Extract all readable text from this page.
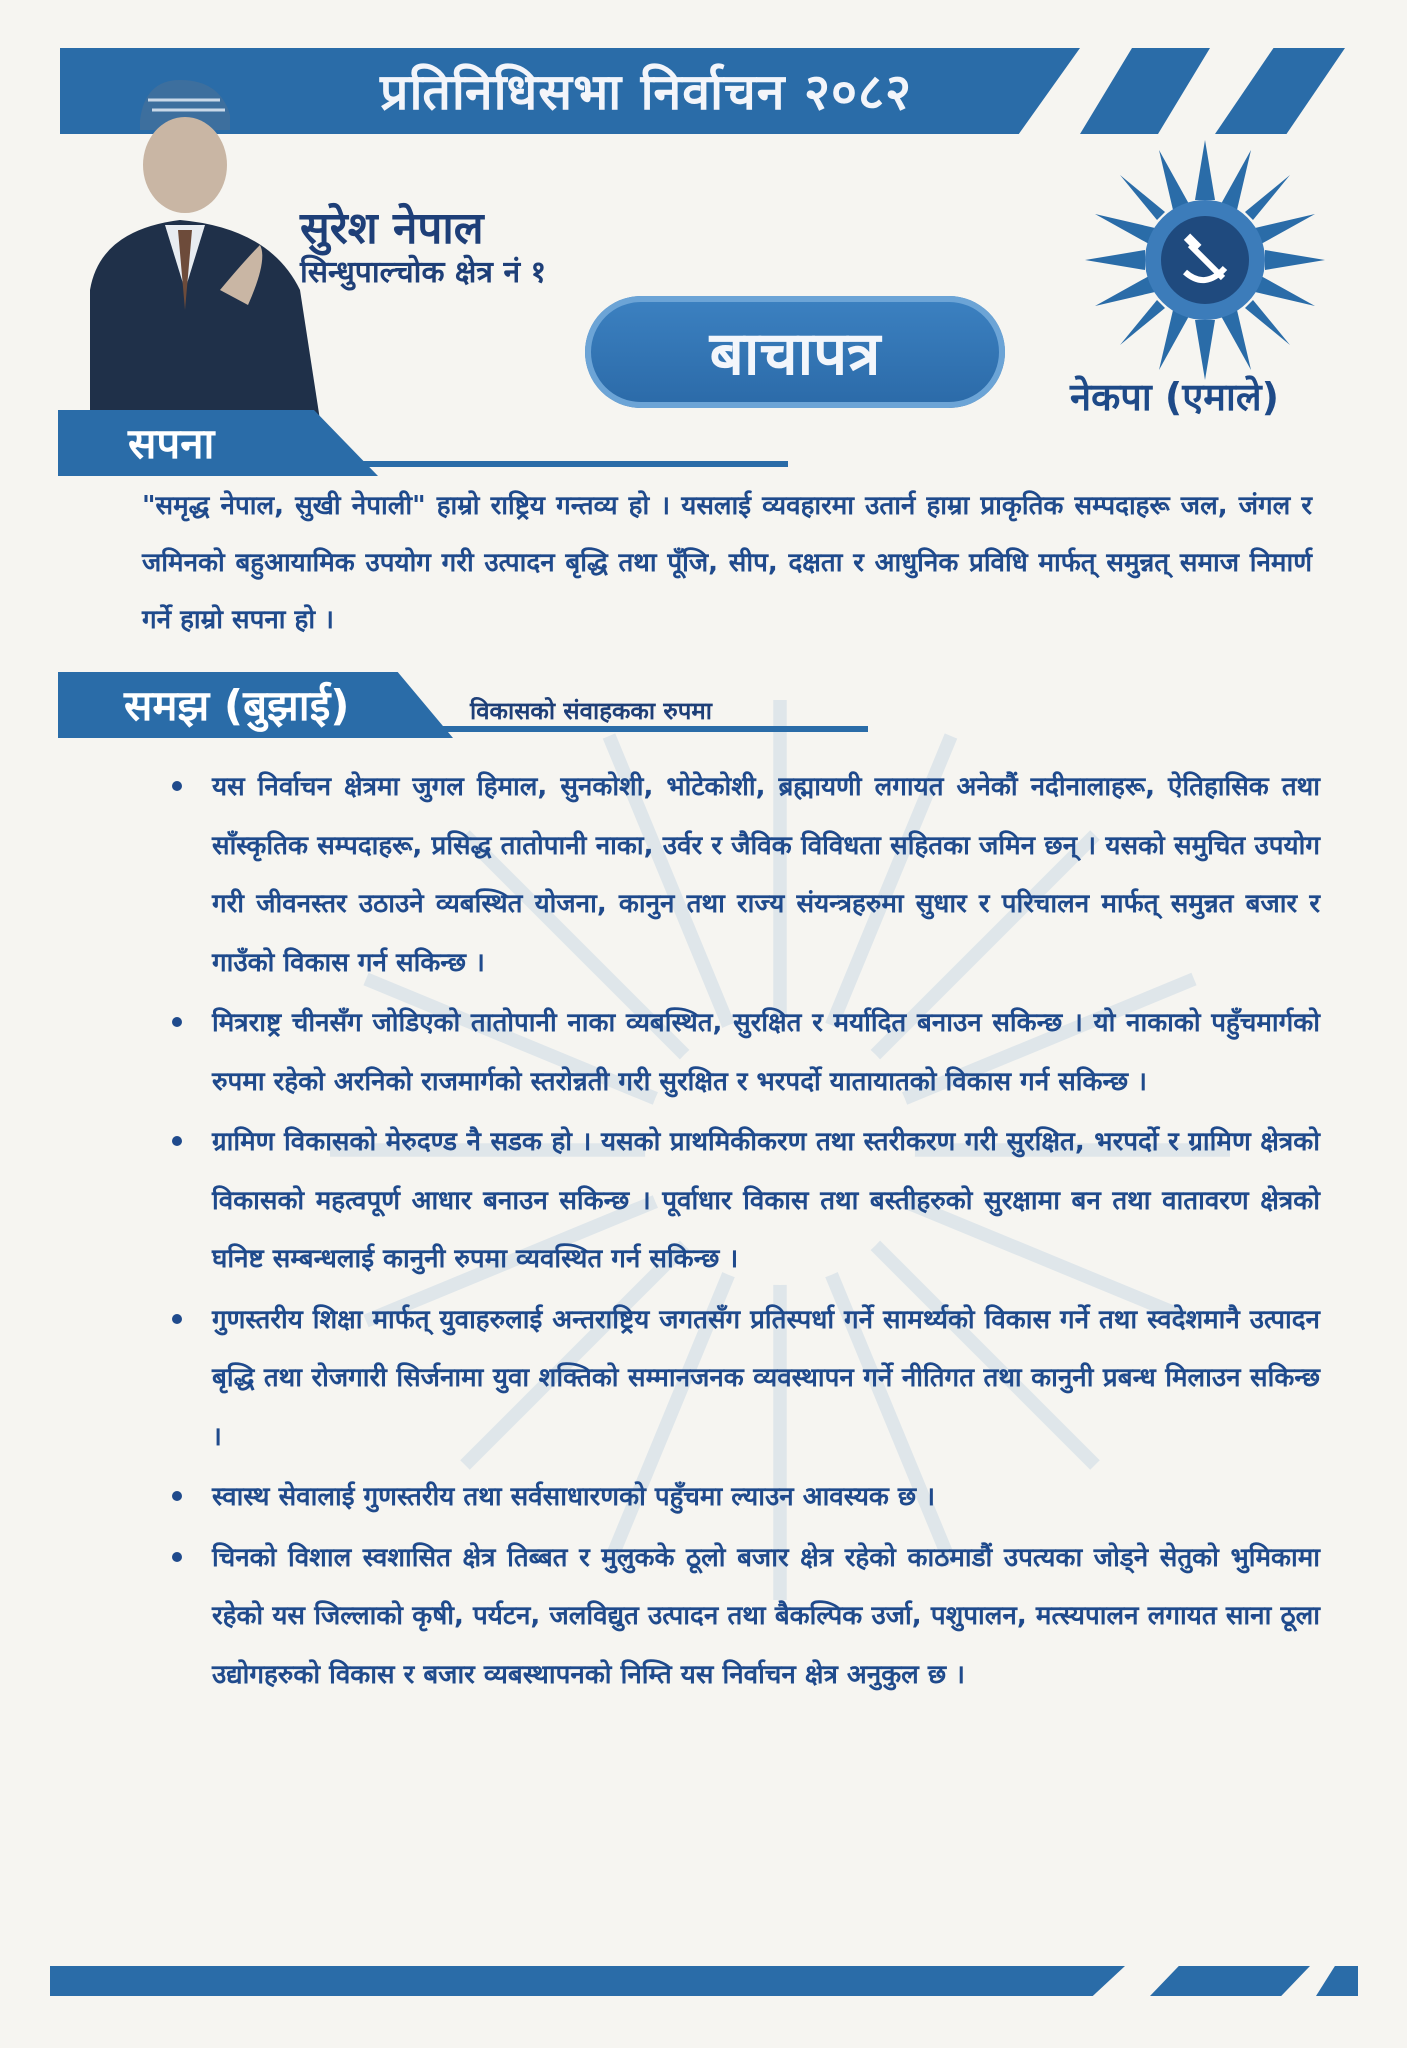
प्रतिनिधिसभा निर्वाचन २०८२
सुरेश नेपाल
सिन्धुपाल्चोक क्षेत्र नं १
बाचापत्र
नेकपा (एमाले)
सपना
"समृद्ध नेपाल, सुखी नेपाली" हाम्रो राष्ट्रिय गन्तव्य हो । यसलाई व्यवहारमा उतार्न हाम्रा प्राकृतिक सम्पदाहरू जल, जंगल र जमिनको बहुआयामिक उपयोग गरी उत्पादन बृद्धि तथा पूँजि, सीप, दक्षता र आधुनिक प्रविधि मार्फत् समुन्नत् समाज निमार्ण गर्ने हाम्रो सपना हो ।
समझ (बुझाई)	विकासको संवाहकका रुपमा
यस निर्वाचन क्षेत्रमा जुगल हिमाल, सुनकोशी, भोटेकोशी, ब्रह्मायणी लगायत अनेकौं नदीनालाहरू, ऐतिहासिक तथा साँस्कृतिक सम्पदाहरू, प्रसिद्ध तातोपानी नाका, उर्वर र जैविक विविधता सहितका जमिन छन् । यसको समुचित उपयोग गरी जीवनस्तर उठाउने व्यबस्थित योजना, कानुन तथा राज्य संयन्त्रहरुमा सुधार र परिचालन मार्फत् समुन्नत बजार र गाउँको विकास गर्न सकिन्छ ।
मित्रराष्ट्र चीनसँग जोडिएको तातोपानी नाका व्यबस्थित, सुरक्षित र मर्यादित बनाउन सकिन्छ । यो नाकाको पहुँचमार्गको रुपमा रहेको अरनिको राजमार्गको स्तरोन्नती गरी सुरक्षित र भरपर्दो यातायातको विकास गर्न सकिन्छ ।
ग्रामिण विकासको मेरुदण्ड नै सडक हो । यसको प्राथमिकीकरण तथा स्तरीकरण गरी सुरक्षित, भरपर्दो र ग्रामिण क्षेत्रको विकासको महत्वपूर्ण आधार बनाउन सकिन्छ । पूर्वाधार विकास तथा बस्तीहरुको सुरक्षामा बन तथा वातावरण क्षेत्रको घनिष्ट सम्बन्धलाई कानुनी रुपमा व्यवस्थित गर्न सकिन्छ ।
गुणस्तरीय शिक्षा मार्फत् युवाहरुलाई अन्तराष्ट्रिय जगतसँग प्रतिस्पर्धा गर्ने सामर्थ्यको विकास गर्ने तथा स्वदेशमानै उत्पादन बृद्धि तथा रोजगारी सिर्जनामा युवा शक्तिको सम्मानजनक व्यवस्थापन गर्ने नीतिगत तथा कानुनी प्रबन्ध मिलाउन सकिन्छ ।
स्वास्थ सेवालाई गुणस्तरीय तथा सर्वसाधारणको पहुँचमा ल्याउन आवस्यक छ ।
चिनको विशाल स्वशासित क्षेत्र तिब्बत र मुलुकके ठूलो बजार क्षेत्र रहेको काठमाडौं उपत्यका जोड्ने सेतुको भुमिकामा रहेको यस जिल्लाको कृषी, पर्यटन, जलविद्युत उत्पादन तथा बैकल्पिक उर्जा, पशुपालन, मत्स्यपालन लगायत साना ठूला उद्योगहरुको विकास र बजार व्यबस्थापनको निम्ति यस निर्वाचन क्षेत्र अनुकुल छ ।
